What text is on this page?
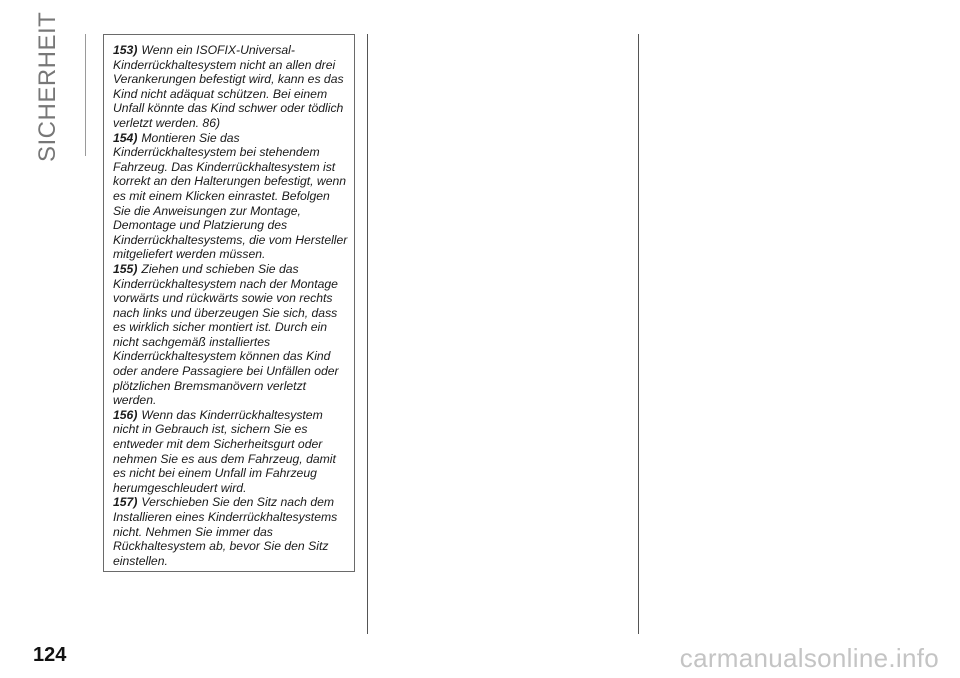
SICHERHEIT	153) Wenn ein ISOFIX-Universal-Kinderrückhaltesystem nicht an allen drei Verankerungen befestigt wird, kann es das Kind nicht adäquat schützen. Bei einem Unfall könnte das Kind schwer oder tödlich verletzt werden. 86)

154) Montieren Sie das Kinderrückhaltesystem bei stehendem Fahrzeug. Das Kinderrückhaltesystem ist korrekt an den Halterungen befestigt, wenn es mit einem Klicken einrastet. Befolgen Sie die Anweisungen zur Montage, Demontage und Platzierung des Kinderrückhaltesystems, die vom Hersteller mitgeliefert werden müssen.

155) Ziehen und schieben Sie das Kinderrückhaltesystem nach der Montage vorwärts und rückwärts sowie von rechts nach links und überzeugen Sie sich, dass es wirklich sicher montiert ist. Durch ein nicht sachgemäß installiertes Kinderrückhaltesystem können das Kind oder andere Passagiere bei Unfällen oder plötzlichen Bremsmanövern verletzt werden.

156) Wenn das Kinderrückhaltesystem nicht in Gebrauch ist, sichern Sie es entweder mit dem Sicherheitsgurt oder nehmen Sie es aus dem Fahrzeug, damit es nicht bei einem Unfall im Fahrzeug herumgeschleudert wird.

157) Verschieben Sie den Sitz nach dem Installieren eines Kinderrückhaltesystems nicht. Nehmen Sie immer das Rückhaltesystem ab, bevor Sie den Sitz einstellen.

124	carmanualsonline.info
